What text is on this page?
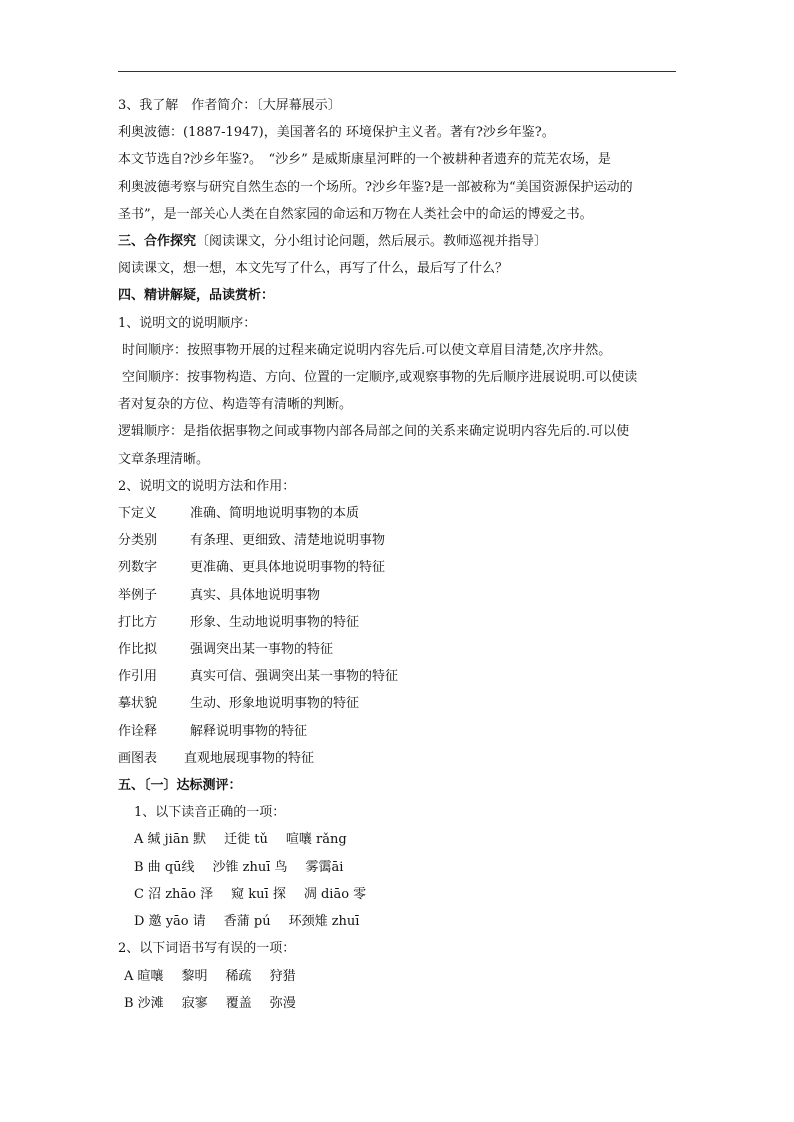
3、我了解　作者简介：〔大屏幕展示〕
利奥波德：(1887-1947)，美国著名的 环境保护主义者。著有?沙乡年鉴?。
本文节选自?沙乡年鉴?。　“沙乡” 是威斯康星河畔的一个被耕种者遗弃的荒芜农场，是
利奥波德考察与研究自然生态的一个场所。?沙乡年鉴?是一部被称为“美国资源保护运动的
圣书”，是一部关心人类在自然家园的命运和万物在人类社会中的命运的博爱之书。
三、合作探究〔阅读课文，分小组讨论问题，然后展示。教师巡视并指导〕
阅读课文，想一想，本文先写了什么，再写了什么，最后写了什么？
四、精讲解疑，品读赏析：
1、说明文的说明顺序：
时间顺序：按照事物开展的过程来确定说明内容先后.可以使文章眉目清楚,次序井然。
空间顺序：按事物构造、方向、位置的一定顺序,或观察事物的先后顺序进展说明.可以使读
者对复杂的方位、构造等有清晰的判断。
逻辑顺序：是指依据事物之间或事物内部各局部之间的关系来确定说明内容先后的.可以使
文章条理清晰。
2、说明文的说明方法和作用：
下定义	准确、简明地说明事物的本质
分类别	有条理、更细致、清楚地说明事物
列数字	更准确、更具体地说明事物的特征
举例子	真实、具体地说明事物
打比方	形象、生动地说明事物的特征
作比拟	强调突出某一事物的特征
作引用	真实可信、强调突出某一事物的特征
摹状貌	生动、形象地说明事物的特征
作诠释	解释说明事物的特征
画图表	直观地展现事物的特征
五、〔一〕达标测评：
1、以下读音正确的一项：
A 缄 jiān 默 迁徙 tǔ 喧嚷 rǎng
B 曲 qū线 沙锥 zhuī 鸟 雾霭āi
C 沼 zhāo 泽 窥 kuī 探 凋 diāo 零
D 邀 yāo 请 香蒲 pú 环颈雉 zhuī
2、以下词语书写有误的一项：
A 暄嚷 黎明 稀疏 狩猎
B 沙滩 寂寥 覆盖 弥漫
